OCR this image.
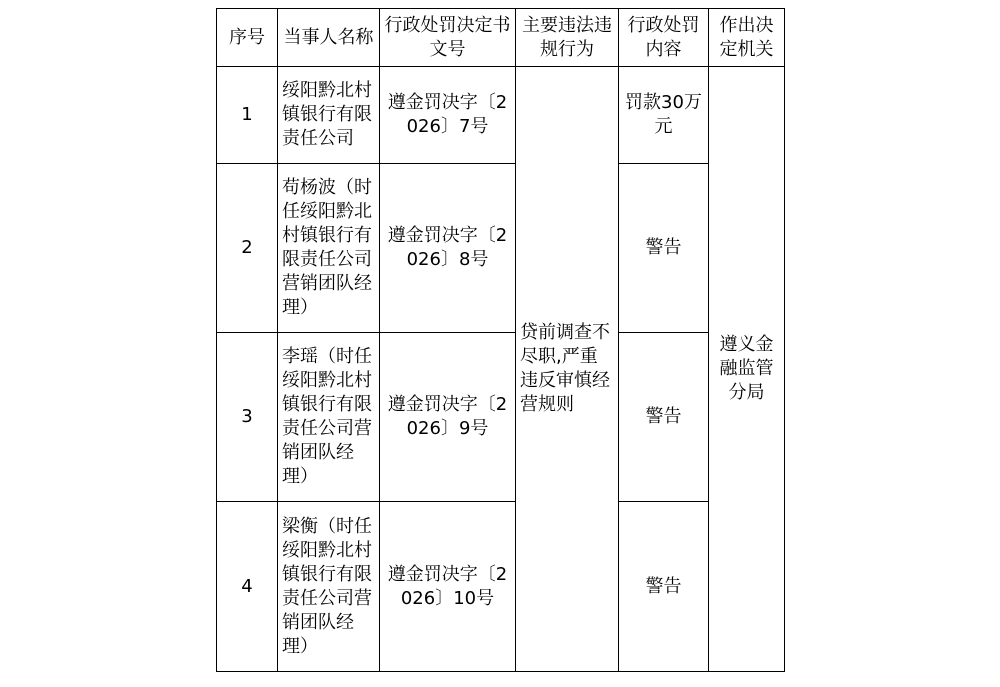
序号	当事人名称	行政处罚决定书文号	主要违法违规行为	行政处罚内容	作出决定机关
1	绥阳黔北村镇银行有限责任公司	遵金罚决字〔2026〕7号	贷前调查不尽职,严重违反审慎经营规则	罚款30万元	遵义金融监管分局
2	苟杨波（时任绥阳黔北村镇银行有限责任公司营销团队经理）	遵金罚决字〔2026〕8号		警告	
3	李瑶（时任绥阳黔北村镇银行有限责任公司营销团队经理）	遵金罚决字〔2026〕9号		警告	
4	梁衡（时任绥阳黔北村镇银行有限责任公司营销团队经理）	遵金罚决字〔2026〕10号		警告	
